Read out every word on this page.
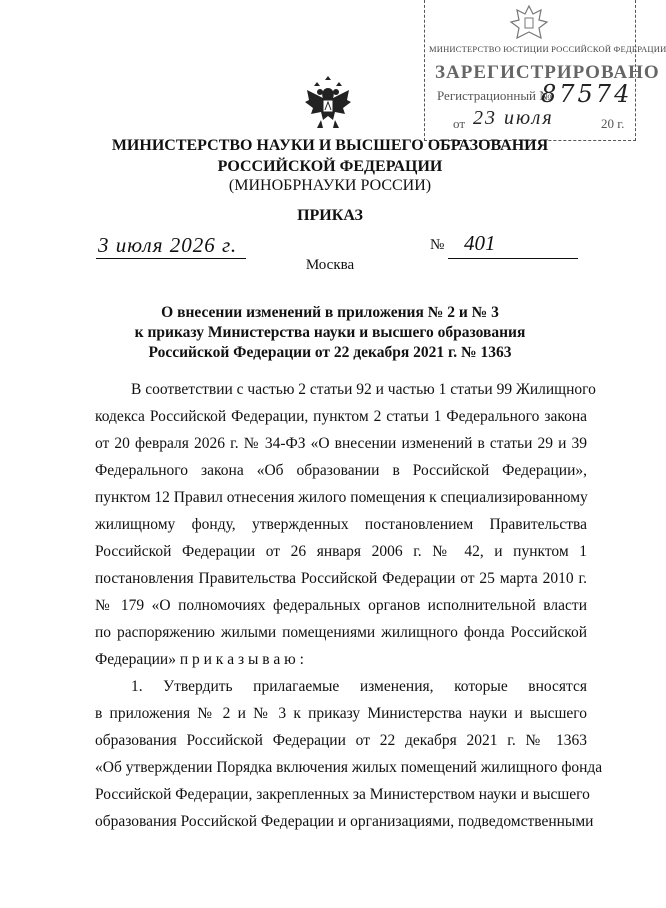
МИНИСТЕРСТВО ЮСТИЦИИ РОССИЙСКОЙ ФЕДЕРАЦИИ
ЗАРЕГИСТРИРОВАНО
Регистрационный №
87574
от 23 июля	20 г.
МИНИСТЕРСТВО НАУКИ И ВЫСШЕГО ОБРАЗОВАНИЯ
РОССИЙСКОЙ ФЕДЕРАЦИИ
(МИНОБРНАУКИ РОССИИ)
ПРИКАЗ
3 июля 2026 г.	№ 401
Москва
О внесении изменений в приложения № 2 и № 3
к приказу Министерства науки и высшего образования
Российской Федерации от 22 декабря 2021 г. № 1363
В соответствии с частью 2 статьи 92 и частью 1 статьи 99 Жилищного
кодекса Российской Федерации, пунктом 2 статьи 1 Федерального закона
от 20 февраля 2026 г. № 34-ФЗ «О внесении изменений в статьи 29 и 39
Федерального закона «Об образовании в Российской Федерации»,
пунктом 12 Правил отнесения жилого помещения к специализированному
жилищному фонду, утвержденных постановлением Правительства
Российской Федерации от 26 января 2006 г. № 42, и пунктом 1
постановления Правительства Российской Федерации от 25 марта 2010 г.
№ 179 «О полномочиях федеральных органов исполнительной власти
по распоряжению жилыми помещениями жилищного фонда Российской
Федерации» п р и к а з ы в а ю :
1. Утвердить прилагаемые изменения, которые вносятся
в приложения № 2 и № 3 к приказу Министерства науки и высшего
образования Российской Федерации от 22 декабря 2021 г. № 1363
«Об утверждении Порядка включения жилых помещений жилищного фонда
Российской Федерации, закрепленных за Министерством науки и высшего
образования Российской Федерации и организациями, подведомственными
